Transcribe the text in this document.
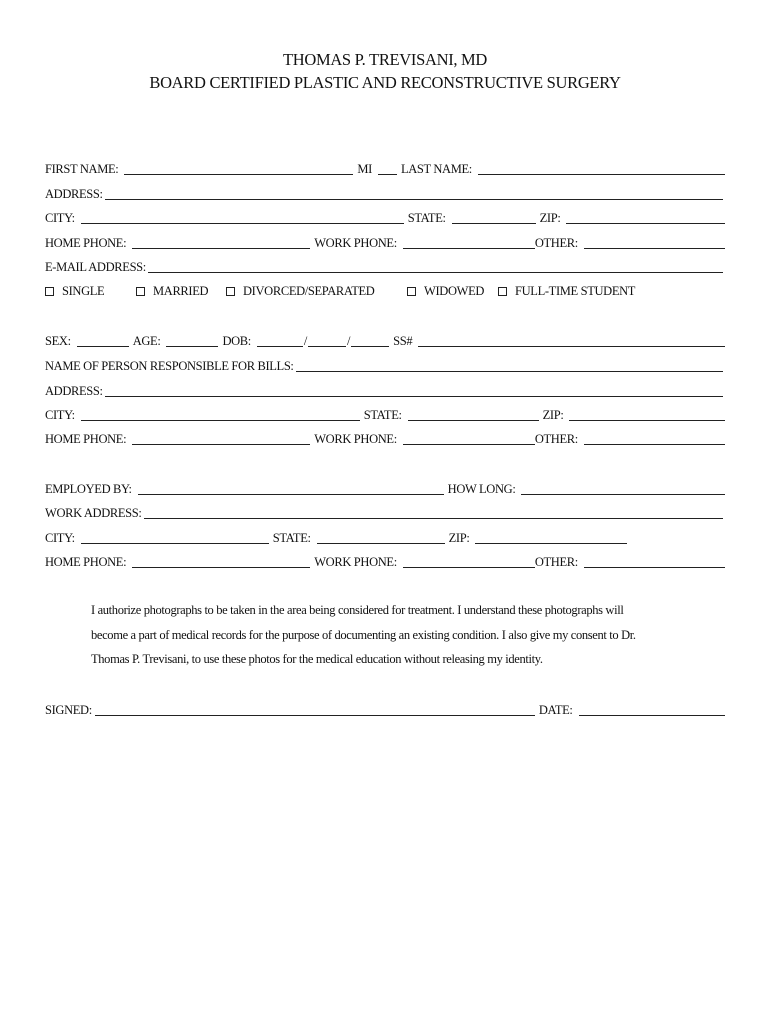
THOMAS P. TREVISANI, MD
BOARD CERTIFIED PLASTIC AND RECONSTRUCTIVE SURGERY
FIRST NAME:	MI LAST NAME:
ADDRESS:
CITY:	STATE:	ZIP:
HOME PHONE:	WORK PHONE:	OTHER:
E-MAIL ADDRESS:
SINGLE	MARRIED	DIVORCED/SEPARATED	WIDOWED FULL-TIME STUDENT
SEX:	AGE:	DOB:	/	/	SS#
NAME OF PERSON RESPONSIBLE FOR BILLS:
ADDRESS:
CITY:	STATE:	ZIP:
HOME PHONE:	WORK PHONE:	OTHER:
EMPLOYED BY:	HOW LONG:
WORK ADDRESS:
CITY:	STATE:	ZIP:
HOME PHONE:	WORK PHONE:	OTHER:
I authorize photographs to be taken in the area being considered for treatment. I understand these photographs will
become a part of medical records for the purpose of documenting an existing condition. I also give my consent to Dr.
Thomas P. Trevisani, to use these photos for the medical education without releasing my identity.
SIGNED:	DATE:
